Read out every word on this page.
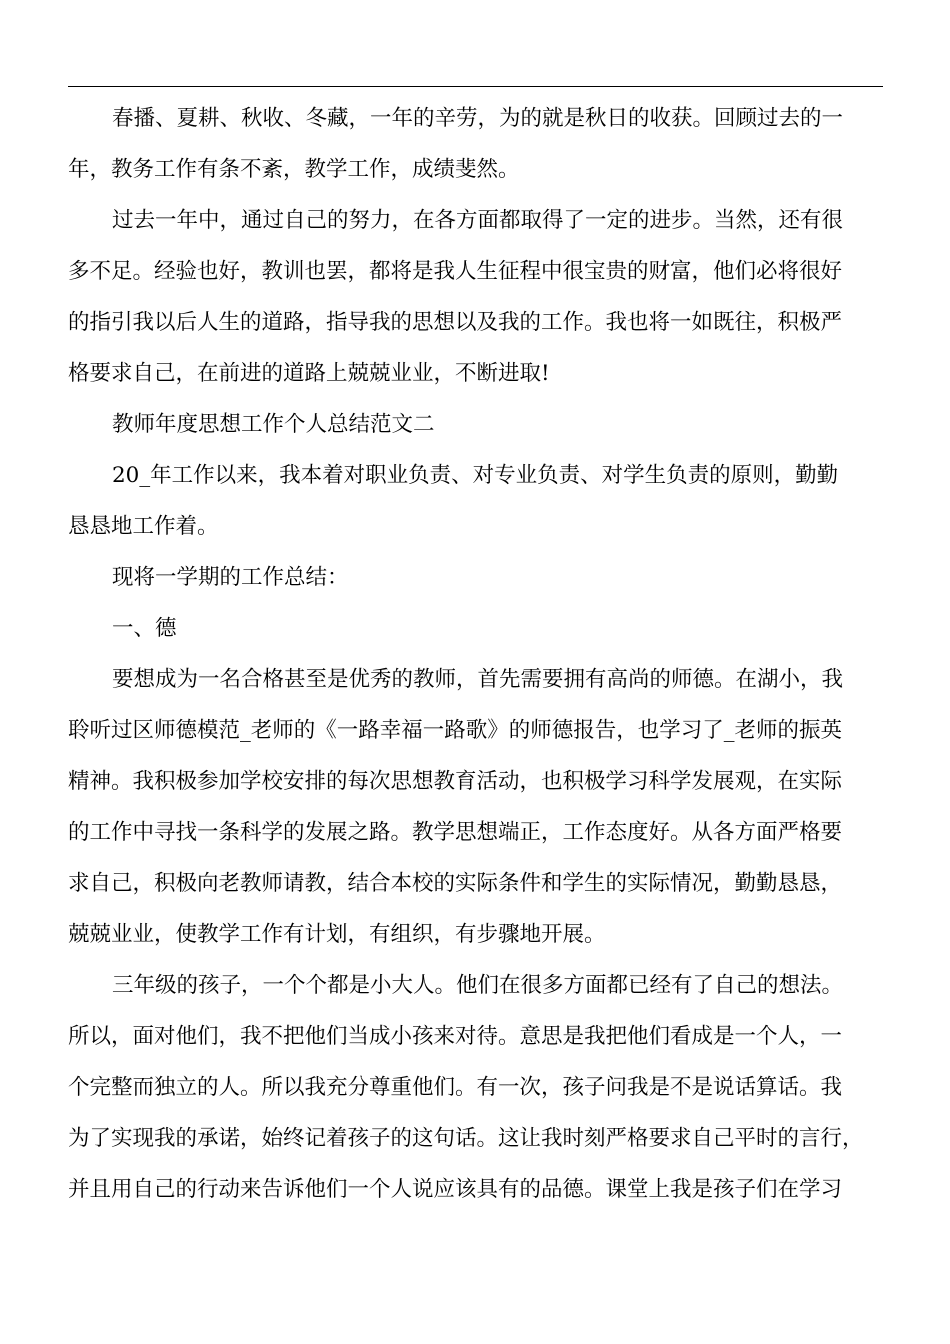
春播、夏耕、秋收、冬藏，一年的辛劳，为的就是秋日的收获。回顾过去的一
年，教务工作有条不紊，教学工作，成绩斐然。
过去一年中，通过自己的努力，在各方面都取得了一定的进步。当然，还有很
多不足。经验也好，教训也罢，都将是我人生征程中很宝贵的财富，他们必将很好
的指引我以后人生的道路，指导我的思想以及我的工作。我也将一如既往，积极严
格要求自己，在前进的道路上兢兢业业，不断进取!
教师年度思想工作个人总结范文二
20_年工作以来，我本着对职业负责、对专业负责、对学生负责的原则，勤勤
恳恳地工作着。
现将一学期的工作总结：
一、德
要想成为一名合格甚至是优秀的教师，首先需要拥有高尚的师德。在湖小，我
聆听过区师德模范_老师的《一路幸福一路歌》的师德报告，也学习了_老师的振英
精神。我积极参加学校安排的每次思想教育活动，也积极学习科学发展观，在实际
的工作中寻找一条科学的发展之路。教学思想端正，工作态度好。从各方面严格要
求自己，积极向老教师请教，结合本校的实际条件和学生的实际情况，勤勤恳恳，
兢兢业业，使教学工作有计划，有组织，有步骤地开展。
三年级的孩子，一个个都是小大人。他们在很多方面都已经有了自己的想法。
所以，面对他们，我不把他们当成小孩来对待。意思是我把他们看成是一个人，一
个完整而独立的人。所以我充分尊重他们。有一次，孩子问我是不是说话算话。我
为了实现我的承诺，始终记着孩子的这句话。这让我时刻严格要求自己平时的言行，
并且用自己的行动来告诉他们一个人说应该具有的品德。课堂上我是孩子们在学习
